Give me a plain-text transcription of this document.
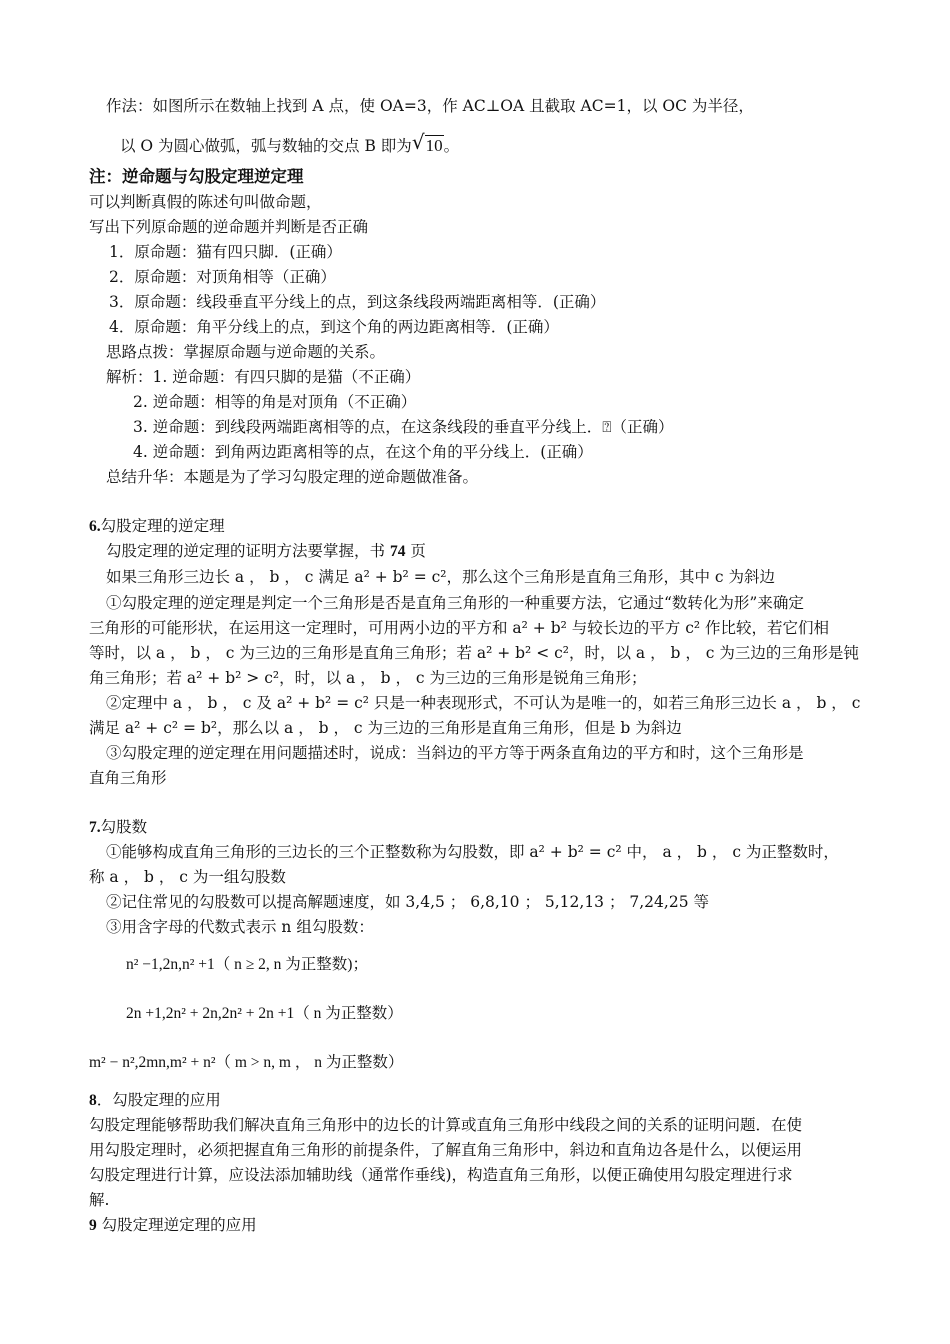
作法：如图所示在数轴上找到 A 点，使 OA=3，作 AC⊥OA 且截取 AC=1，以 OC 为半径，
以 O 为圆心做弧，弧与数轴的交点 B 即为√10。
注：逆命题与勾股定理逆定理
可以判断真假的陈述句叫做命题，
写出下列原命题的逆命题并判断是否正确
1．原命题：猫有四只脚．(正确）
2．原命题：对顶角相等（正确）
3．原命题：线段垂直平分线上的点，到这条线段两端距离相等．(正确）
4．原命题：角平分线上的点，到这个角的两边距离相等．(正确）
思路点拨：掌握原命题与逆命题的关系。
解析：1. 逆命题：有四只脚的是猫（不正确）
2. 逆命题：相等的角是对顶角（不正确）
3. 逆命题：到线段两端距离相等的点，在这条线段的垂直平分线上．⍰（正确）
4. 逆命题：到角两边距离相等的点，在这个角的平分线上．(正确）
总结升华：本题是为了学习勾股定理的逆命题做准备。
6.勾股定理的逆定理
勾股定理的逆定理的证明方法要掌握，书 74 页
如果三角形三边长 a ， b ， c 满足 a² + b² = c²，那么这个三角形是直角三角形，其中 c 为斜边
①勾股定理的逆定理是判定一个三角形是否是直角三角形的一种重要方法，它通过“数转化为形”来确定
三角形的可能形状，在运用这一定理时，可用两小边的平方和 a² + b² 与较长边的平方 c² 作比较，若它们相
等时，以 a ， b ， c 为三边的三角形是直角三角形；若 a² + b² < c²，时，以 a ， b ， c 为三边的三角形是钝
角三角形；若 a² + b² > c²，时，以 a ， b ， c 为三边的三角形是锐角三角形；
②定理中 a ， b ， c 及 a² + b² = c² 只是一种表现形式，不可认为是唯一的，如若三角形三边长 a ， b ， c
满足 a² + c² = b²，那么以 a ， b ， c 为三边的三角形是直角三角形，但是 b 为斜边
③勾股定理的逆定理在用问题描述时，说成：当斜边的平方等于两条直角边的平方和时，这个三角形是
直角三角形
7.勾股数
①能够构成直角三角形的三边长的三个正整数称为勾股数，即 a² + b² = c² 中， a ， b ， c 为正整数时，
称 a ， b ， c 为一组勾股数
②记住常见的勾股数可以提高解题速度，如 3,4,5 ； 6,8,10 ； 5,12,13 ； 7,24,25 等
③用含字母的代数式表示 n 组勾股数：
n² −1,2n,n² +1（ n ≥ 2, n 为正整数)；
2n +1,2n² + 2n,2n² + 2n +1（ n 为正整数）
m² − n²,2mn,m² + n²（ m > n, m ， n 为正整数）
8．勾股定理的应用
勾股定理能够帮助我们解决直角三角形中的边长的计算或直角三角形中线段之间的关系的证明问题．在使
用勾股定理时，必须把握直角三角形的前提条件，了解直角三角形中，斜边和直角边各是什么，以便运用
勾股定理进行计算，应设法添加辅助线（通常作垂线)，构造直角三角形，以便正确使用勾股定理进行求
解.
9 勾股定理逆定理的应用
